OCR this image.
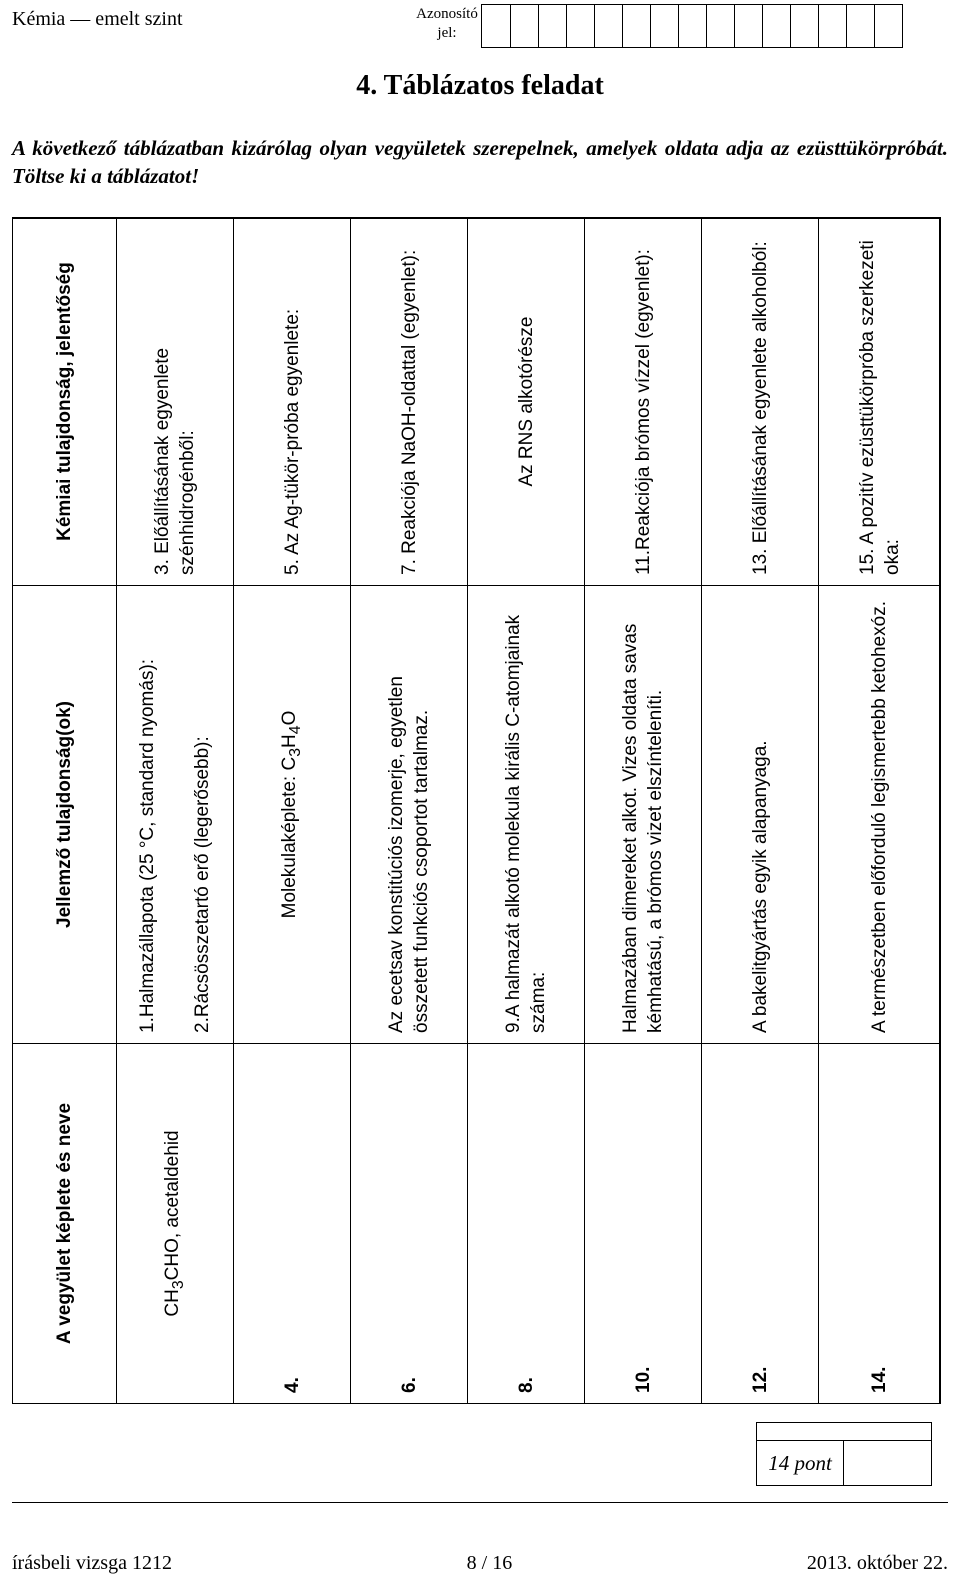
Kémia — emelt szint	Azonosító jel:
4. Táblázatos feladat
A következő táblázatban kizárólag olyan vegyületek szerepelnek, amelyek oldata adja az ezüsttükörpróbát. Töltse ki a táblázatot!
A vegyület képlete és neve	Jellemző tulajdonság(ok)	Kémiai tulajdonság, jelentőség
$CH_3CHO$, acetaldehid	1.Halmazállapota (25 °C, standard nyomás): 2.Rácsösszetartó erő (legerősebb):	3. Előállításának egyenlete szénhidrogénből:
4.	Molekulaképlete: $C_3H_4O$	5. Az Ag-tükör-próba egyenlete:
6.	Az ecetsav konstitúciós izomerje, egyetlen összetett funkciós csoportot tartalmaz.	7. Reakciója NaOH-oldattal (egyenlet):
8.	9.A halmazát alkotó molekula királis C-atomjainak száma:	Az RNS alkotórésze
10.	Halmazában dimereket alkot. Vizes oldata savas kémhatású, a brómos vizet elszínteleníti.	11.Reakciója brómos vízzel (egyenlet):
12.	A bakelitgyártás egyik alapanyaga.	13. Előállításának egyenlete alkoholból:
14.	A természetben előforduló legismertebb ketohexóz.	15. A pozitív ezüsttükörpróba szerkezeti oka:
14 pont
írásbeli vizsga 1212	8 / 16	2013. október 22.
